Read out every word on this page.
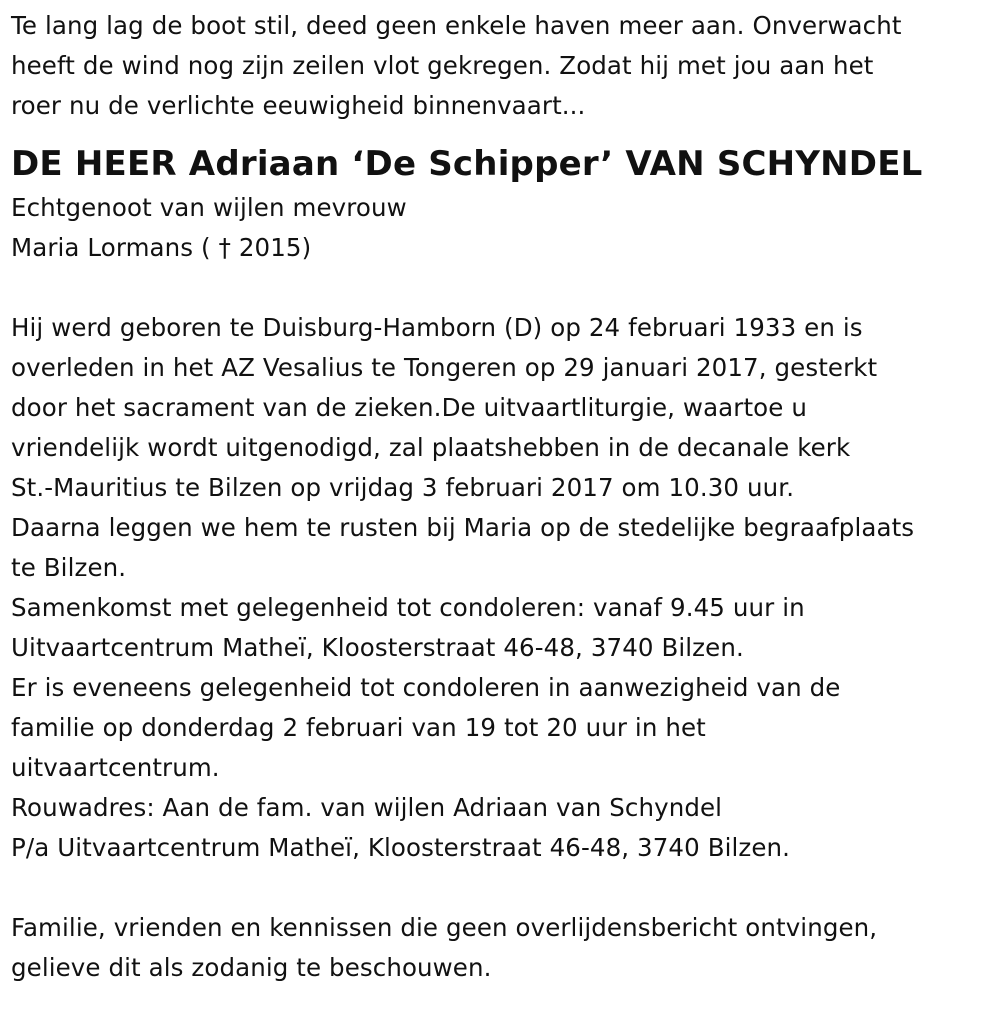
Te lang lag de boot stil, deed geen enkele haven meer aan. Onverwacht
heeft de wind nog zijn zeilen vlot gekregen. Zodat hij met jou aan het
roer nu de verlichte eeuwigheid binnenvaart...
DE HEER Adriaan ‘De Schipper’ VAN SCHYNDEL
Echtgenoot van wijlen mevrouw
Maria Lormans ( † 2015)
Hij werd geboren te Duisburg-Hamborn (D) op 24 februari 1933 en is
overleden in het AZ Vesalius te Tongeren op 29 januari 2017, gesterkt
door het sacrament van de zieken.De uitvaartliturgie, waartoe u
vriendelijk wordt uitgenodigd, zal plaatshebben in de decanale kerk
St.-Mauritius te Bilzen op vrijdag 3 februari 2017 om 10.30 uur.
Daarna leggen we hem te rusten bij Maria op de stedelijke begraafplaats
te Bilzen.
Samenkomst met gelegenheid tot condoleren: vanaf 9.45 uur in
Uitvaartcentrum Matheï, Kloosterstraat 46-48, 3740 Bilzen.
Er is eveneens gelegenheid tot condoleren in aanwezigheid van de
familie op donderdag 2 februari van 19 tot 20 uur in het
uitvaartcentrum.
Rouwadres: Aan de fam. van wijlen Adriaan van Schyndel
P/a Uitvaartcentrum Matheï, Kloosterstraat 46-48, 3740 Bilzen.
Familie, vrienden en kennissen die geen overlijdensbericht ontvingen,
gelieve dit als zodanig te beschouwen.
